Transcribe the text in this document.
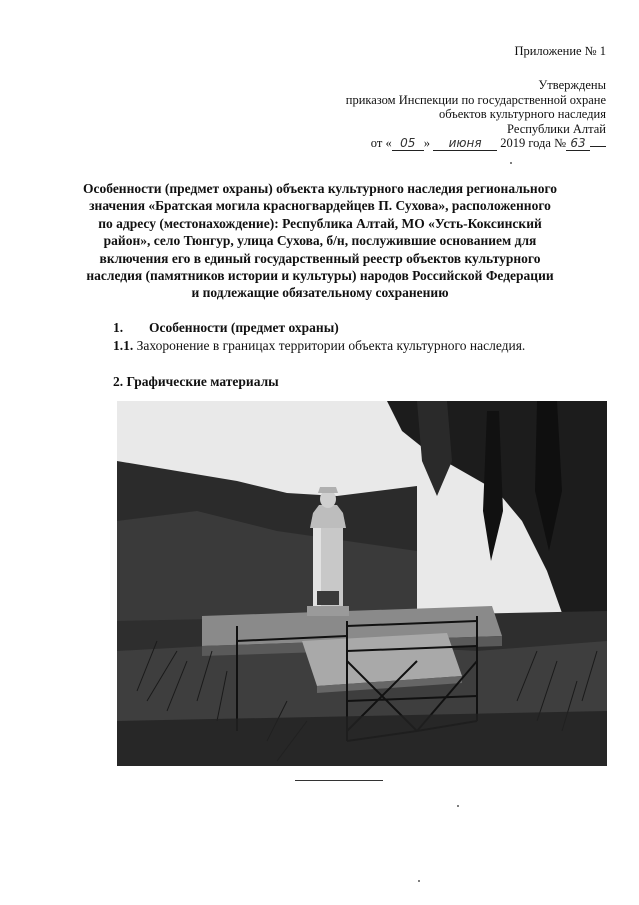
Приложение № 1
Утверждены
приказом Инспекции по государственной охране
объектов культурного наследия
Республики Алтай
от « 05 » июня 2019 года № 63
Особенности (предмет охраны) объекта культурного наследия регионального
значения «Братская могила красногвардейцев П. Сухова», расположенного
по адресу (местонахождение): Республика Алтай, МО «Усть-Коксинский
район», село Тюнгур, улица Сухова, б/н, послужившие основанием для
включения его в единый государственный реестр объектов культурного
наследия (памятников истории и культуры) народов Российской Федерации
и подлежащие обязательному сохранению
1. Особенности (предмет охраны)
1.1. Захоронение в границах территории объекта культурного наследия.
2. Графические материалы
